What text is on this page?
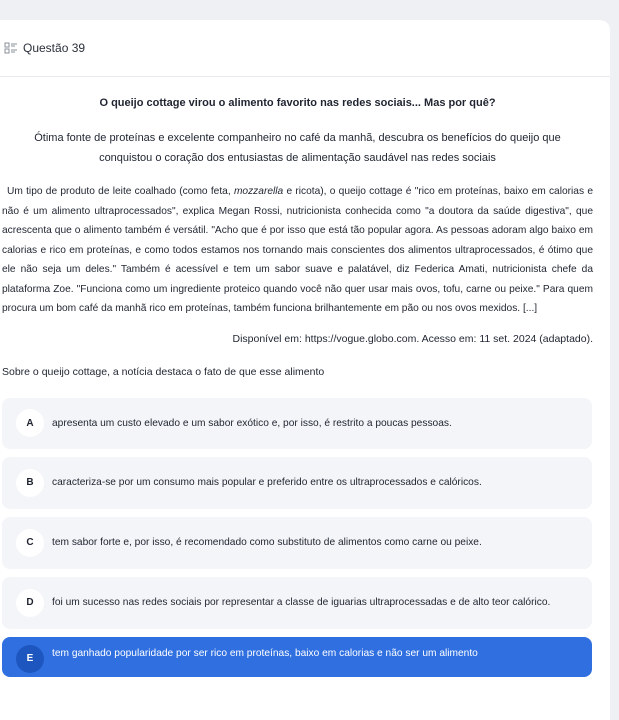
Questão 39
O queijo cottage virou o alimento favorito nas redes sociais... Mas por quê?
Ótima fonte de proteínas e excelente companheiro no café da manhã, descubra os benefícios do queijo que conquistou o coração dos entusiastas de alimentação saudável nas redes sociais

Um tipo de produto de leite coalhado (como feta, mozzarella e ricota), o queijo cottage é "rico em proteínas, baixo em calorias e não é um alimento ultraprocessados", explica Megan Rossi, nutricionista conhecida como "a doutora da saúde digestiva", que acrescenta que o alimento também é versátil. "Acho que é por isso que está tão popular agora. As pessoas adoram algo baixo em calorias e rico em proteínas, e como todos estamos nos tornando mais conscientes dos alimentos ultraprocessados, é ótimo que ele não seja um deles." Também é acessível e tem um sabor suave e palatável, diz Federica Amati, nutricionista chefe da plataforma Zoe. "Funciona como um ingrediente proteico quando você não quer usar mais ovos, tofu, carne ou peixe." Para quem procura um bom café da manhã rico em proteínas, também funciona brilhantemente em pão ou nos ovos mexidos. [...]

Disponível em: https://vogue.globo.com. Acesso em: 11 set. 2024 (adaptado).
Sobre o queijo cottage, a notícia destaca o fato de que esse alimento
A	apresenta um custo elevado e um sabor exótico e, por isso, é restrito a poucas pessoas.
B	caracteriza-se por um consumo mais popular e preferido entre os ultraprocessados e calóricos.
C	tem sabor forte e, por isso, é recomendado como substituto de alimentos como carne ou peixe.
D	foi um sucesso nas redes sociais por representar a classe de iguarias ultraprocessadas e de alto teor calórico.
E	tem ganhado popularidade por ser rico em proteínas, baixo em calorias e não ser um alimento
